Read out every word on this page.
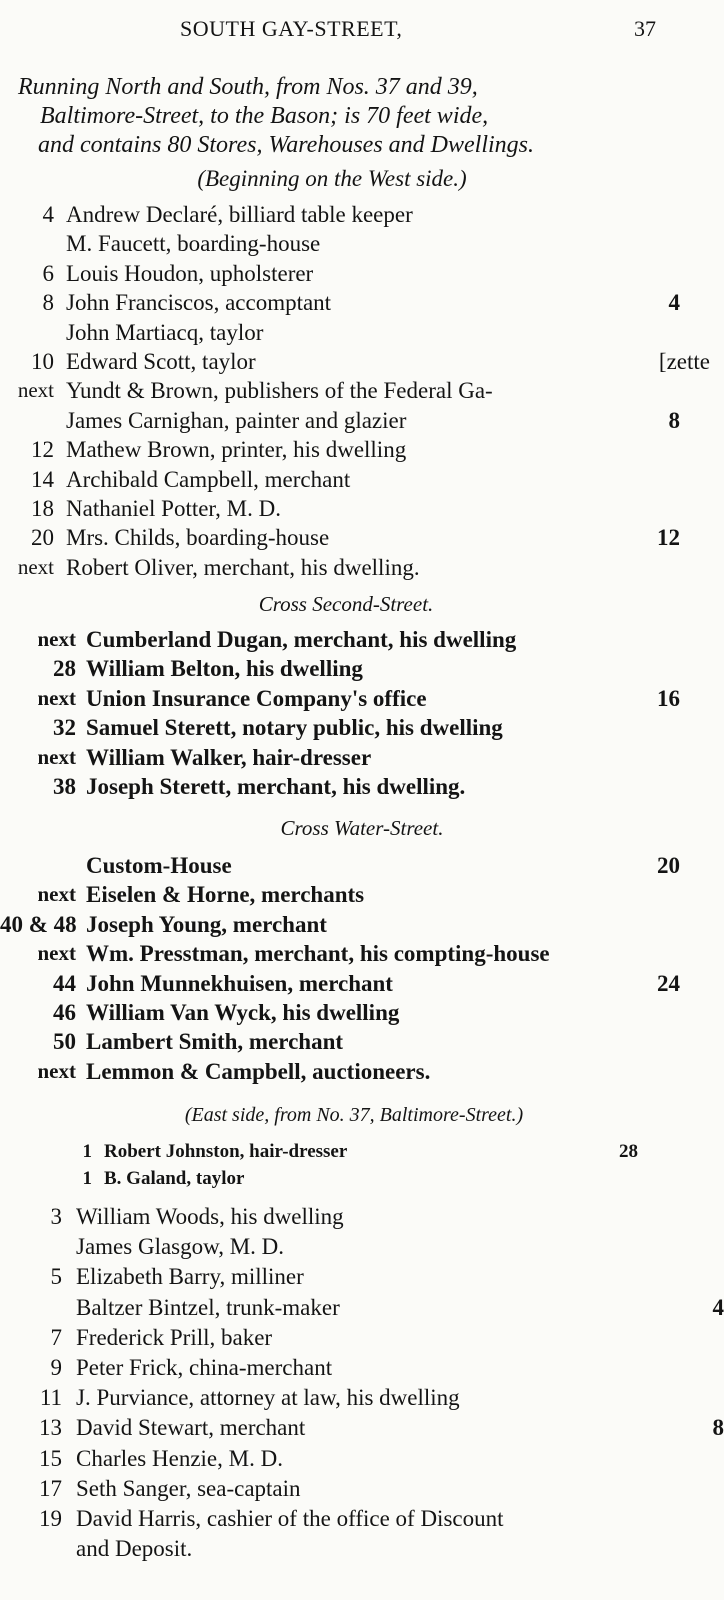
SOUTH GAY-STREET,	37
Running North and South, from Nos. 37 and 39,
Baltimore-Street, to the Bason; is 70 feet wide,
and contains 80 Stores, Warehouses and Dwellings.
(Beginning on the West side.)
Cross Second-Street.
Cross Water-Street.
(East side, from No. 37, Baltimore-Street.)
4 Andrew Declaré, billiard table keeper
M. Faucett, boarding-house
6 Louis Houdon, upholsterer
8 John Franciscos, accomptant	4
John Martiacq, taylor
10 Edward Scott, taylor	[zette
next Yundt & Brown, publishers of the Federal Ga-
James Carnighan, painter and glazier	8
12 Mathew Brown, printer, his dwelling
14 Archibald Campbell, merchant
18 Nathaniel Potter, M. D.
20 Mrs. Childs, boarding-house	12
next Robert Oliver, merchant, his dwelling.
next Cumberland Dugan, merchant, his dwelling
28 William Belton, his dwelling
next Union Insurance Company's office	16
32 Samuel Sterett, notary public, his dwelling
next William Walker, hair-dresser
38 Joseph Sterett, merchant, his dwelling.
Custom-House	20
next Eiselen & Horne, merchants
40 & 48 Joseph Young, merchant
next Wm. Presstman, merchant, his compting-house
44 John Munnekhuisen, merchant	24
46 William Van Wyck, his dwelling
50 Lambert Smith, merchant
next Lemmon & Campbell, auctioneers.
1 Robert Johnston, hair-dresser	28
1 B. Galand, taylor
3 William Woods, his dwelling
James Glasgow, M. D.
5 Elizabeth Barry, milliner
Baltzer Bintzel, trunk-maker	4
7 Frederick Prill, baker
9 Peter Frick, china-merchant
11 J. Purviance, attorney at law, his dwelling
13 David Stewart, merchant	8
15 Charles Henzie, M. D.
17 Seth Sanger, sea-captain
19 David Harris, cashier of the office of Discount
and Deposit.
